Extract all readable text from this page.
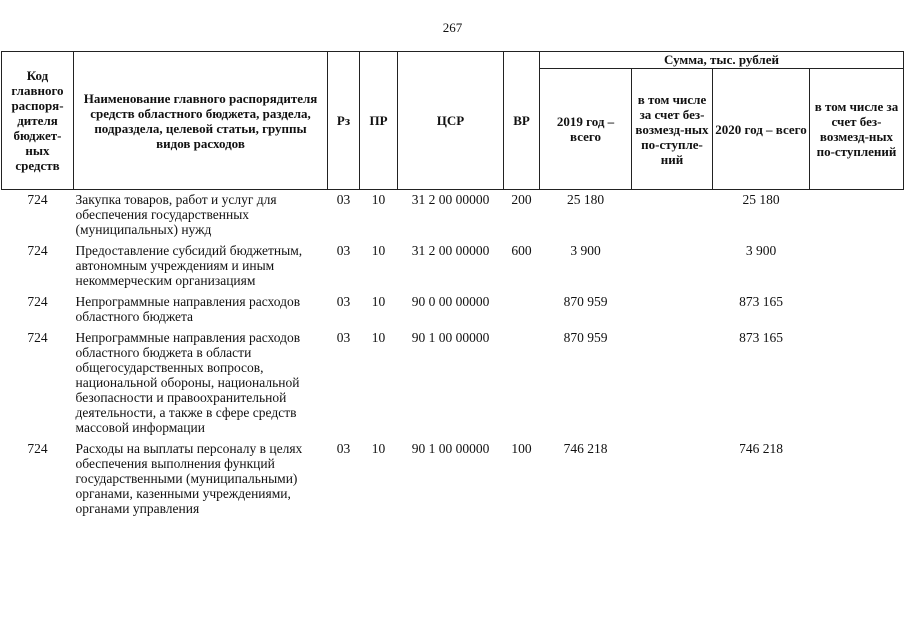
267
Код главного распоря-дителя бюджет-ных средств	Наименование главного распорядителя средств областного бюджета, раздела, подраздела, целевой статьи, группы видов расходов	Рз	ПР	ЦСР	ВР	Сумма, тыс. рублей			
						2019 год – всего	в том числе за счет без-возмезд-ных по-ступле-ний	2020 год – всего	в том числе за счет без-возмезд-ных по-ступлений
724	Закупка товаров, работ и услуг для обеспечения государственных (муниципальных) нужд	03	10	31 2 00 00000	200	25 180		25 180	
724	Предоставление субсидий бюджетным, автономным учреждениям и иным некоммерческим организациям	03	10	31 2 00 00000	600	3 900		3 900	
724	Непрограммные направления расходов областного бюджета	03	10	90 0 00 00000		870 959		873 165	
724	Непрограммные направления расходов областного бюджета в области общегосударственных вопросов, национальной обороны, национальной безопасности и правоохранительной деятельности, а также в сфере средств массовой информации	03	10	90 1 00 00000		870 959		873 165	
724	Расходы на выплаты персоналу в целях обеспечения выполнения функций государственными (муниципальными) органами, казенными учреждениями, органами управления	03	10	90 1 00 00000	100	746 218		746 218	
